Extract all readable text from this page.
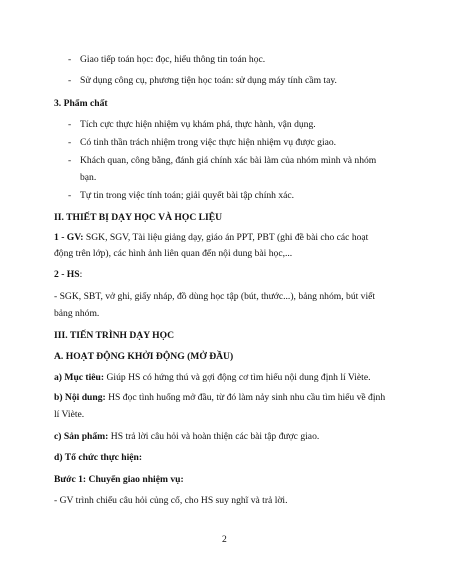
- Giao tiếp toán học: đọc, hiểu thông tin toán học.
- Sử dụng công cụ, phương tiện học toán: sử dụng máy tính cầm tay.
3. Phẩm chất
- Tích cực thực hiện nhiệm vụ khám phá, thực hành, vận dụng.
- Có tinh thần trách nhiệm trong việc thực hiện nhiệm vụ được giao.
- Khách quan, công bằng, đánh giá chính xác bài làm của nhóm mình và nhóm
bạn.
- Tự tin trong việc tính toán; giải quyết bài tập chính xác.
II. THIẾT BỊ DẠY HỌC VÀ HỌC LIỆU
1 - GV: SGK, SGV, Tài liệu giảng dạy, giáo án PPT, PBT (ghi đề bài cho các hoạt
động trên lớp), các hình ảnh liên quan đến nội dung bài học,...
2 - HS:
- SGK, SBT, vở ghi, giấy nháp, đồ dùng học tập (bút, thước...), bảng nhóm, bút viết
bảng nhóm.
III. TIẾN TRÌNH DẠY HỌC
A. HOẠT ĐỘNG KHỞI ĐỘNG (MỞ ĐẦU)
a) Mục tiêu: Giúp HS có hứng thú và gợi động cơ tìm hiểu nội dung định lí Viète.
b) Nội dung: HS đọc tình huống mở đầu, từ đó làm nảy sinh nhu cầu tìm hiểu về định
lí Viète.
c) Sản phẩm: HS trả lời câu hỏi và hoàn thiện các bài tập được giao.
d) Tổ chức thực hiện:
Bước 1: Chuyển giao nhiệm vụ:
- GV trình chiếu câu hỏi củng cố, cho HS suy nghĩ và trả lời.
2
